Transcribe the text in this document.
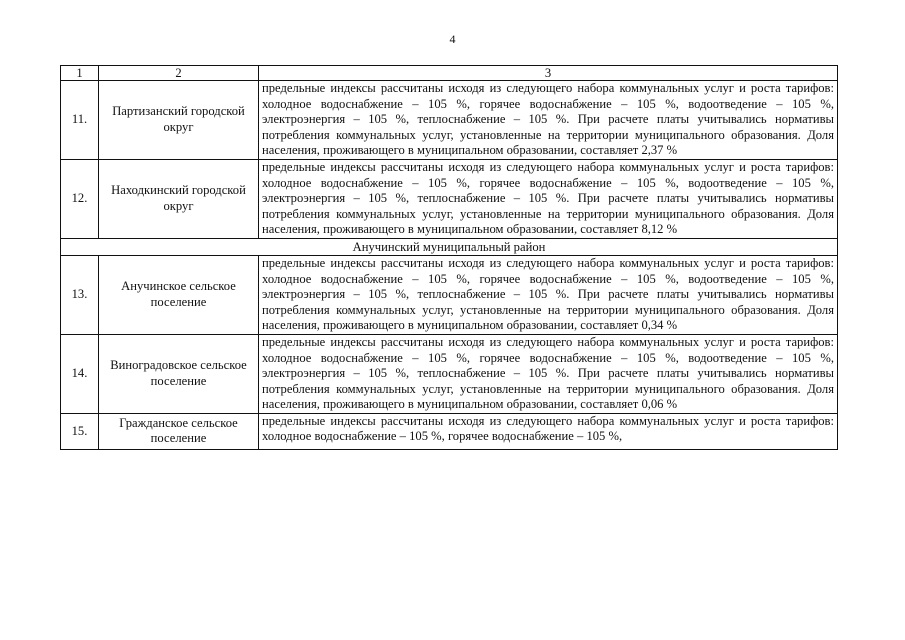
4
1	2	3
11.	Партизанский городской округ	предельные индексы рассчитаны исходя из следующего набора коммунальных услуг и роста тарифов: холодное водоснабжение – 105 %, горячее водоснабжение – 105 %, водоотведение – 105 %, электроэнергия – 105 %, теплоснабжение – 105 %. При расчете платы учитывались нормативы потребления коммунальных услуг, установленные на территории муниципального образования. Доля населения, проживающего в муниципальном образовании, составляет 2,37 %
12.	Находкинский городской округ	предельные индексы рассчитаны исходя из следующего набора коммунальных услуг и роста тарифов: холодное водоснабжение – 105 %, горячее водоснабжение – 105 %, водоотведение – 105 %, электроэнергия – 105 %, теплоснабжение – 105 %. При расчете платы учитывались нормативы потребления коммунальных услуг, установленные на территории муниципального образования. Доля населения, проживающего в муниципальном образовании, составляет 8,12 %
Анучинский муниципальный район		
13.	Анучинское сельское поселение	предельные индексы рассчитаны исходя из следующего набора коммунальных услуг и роста тарифов: холодное водоснабжение – 105 %, горячее водоснабжение – 105 %, водоотведение – 105 %, электроэнергия – 105 %, теплоснабжение – 105 %. При расчете платы учитывались нормативы потребления коммунальных услуг, установленные на территории муниципального образования. Доля населения, проживающего в муниципальном образовании, составляет 0,34 %
14.	Виноградовское сельское поселение	предельные индексы рассчитаны исходя из следующего набора коммунальных услуг и роста тарифов: холодное водоснабжение – 105 %, горячее водоснабжение – 105 %, водоотведение – 105 %, электроэнергия – 105 %, теплоснабжение – 105 %. При расчете платы учитывались нормативы потребления коммунальных услуг, установленные на территории муниципального образования. Доля населения, проживающего в муниципальном образовании, составляет 0,06 %
15.	Гражданское сельское поселение	предельные индексы рассчитаны исходя из следующего набора коммунальных услуг и роста тарифов: холодное водоснабжение – 105 %, горячее водоснабжение – 105 %,
